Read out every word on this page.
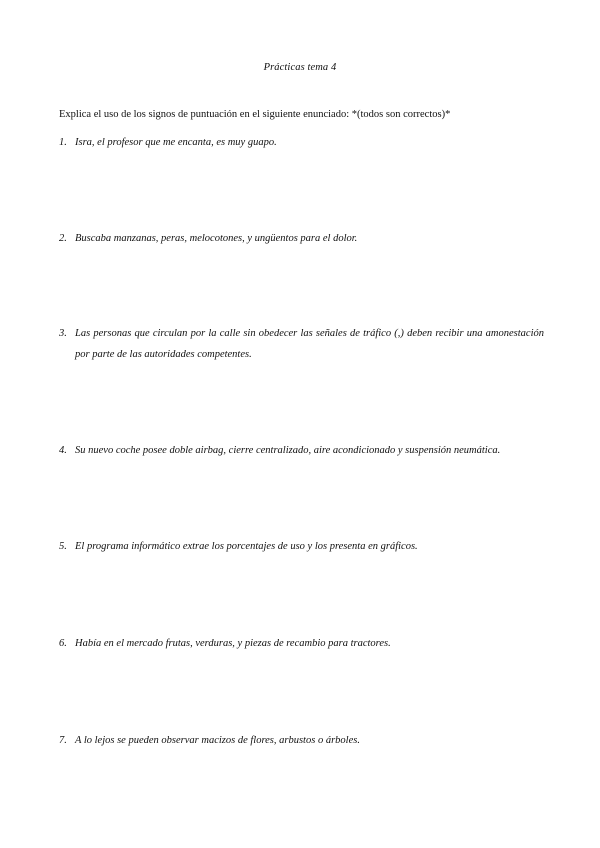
Prácticas tema 4
Explica el uso de los signos de puntuación en el siguiente enunciado: *(todos son correctos)*
1. Isra, el profesor que me encanta, es muy guapo.
2. Buscaba manzanas, peras, melocotones, y ungüentos para el dolor.
3. Las personas que circulan por la calle sin obedecer las señales de tráfico (,) deben recibir una amonestación por parte de las autoridades competentes.
4. Su nuevo coche posee doble airbag, cierre centralizado, aire acondicionado y suspensión neumática.
5. El programa informático extrae los porcentajes de uso y los presenta en gráficos.
6. Había en el mercado frutas, verduras, y piezas de recambio para tractores.
7. A lo lejos se pueden observar macizos de flores, arbustos o árboles.
